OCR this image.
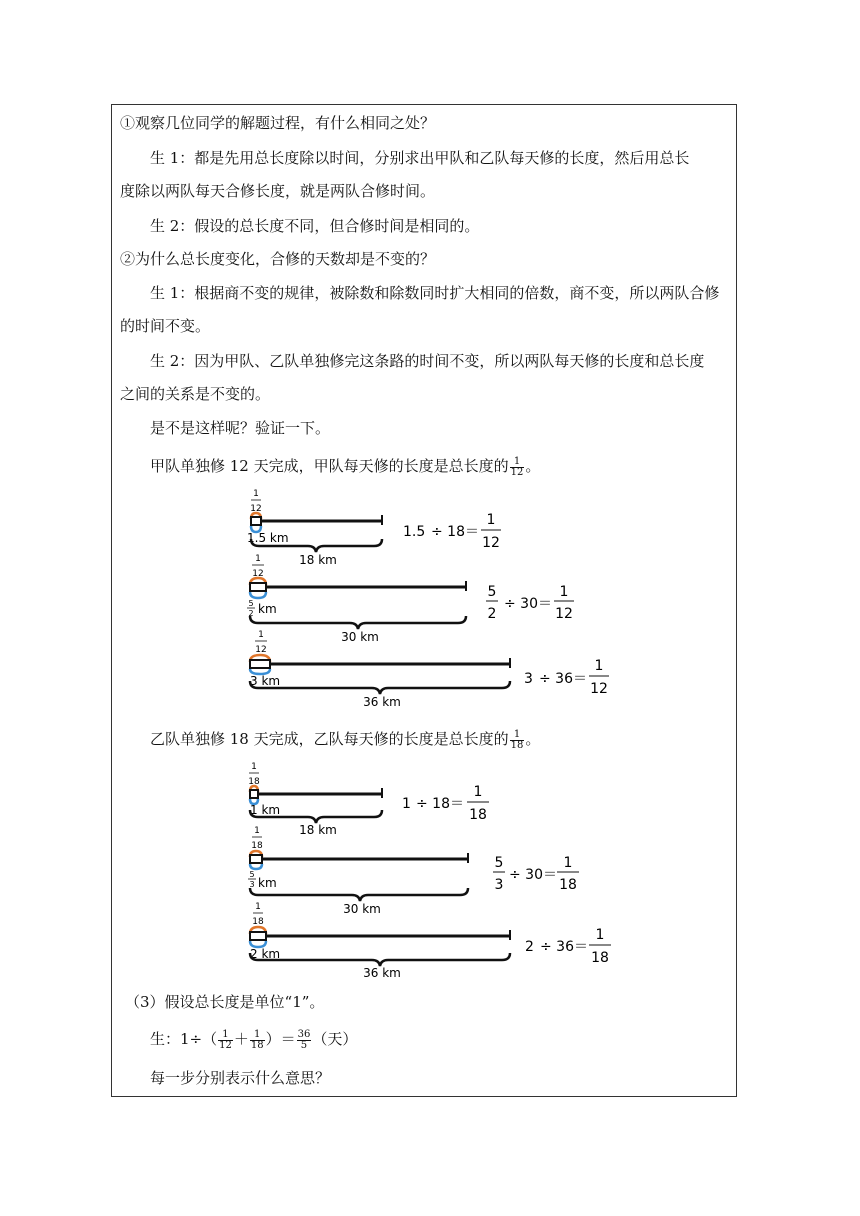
①观察几位同学的解题过程，有什么相同之处？
生 1：都是先用总长度除以时间，分别求出甲队和乙队每天修的长度，然后用总长
度除以两队每天合修长度，就是两队合修时间。
生 2：假设的总长度不同，但合修时间是相同的。
②为什么总长度变化，合修的天数却是不变的？
生 1：根据商不变的规律，被除数和除数同时扩大相同的倍数，商不变，所以两队合修
的时间不变。
生 2：因为甲队、乙队单独修完这条路的时间不变，所以两队每天修的长度和总长度
之间的关系是不变的。
是不是这样呢？验证一下。
甲队单独修 12 天完成，甲队每天修的长度是总长度的 $\frac{1}{12}$ 。
乙队单独修 18 天完成，乙队每天修的长度是总长度的 $\frac{1}{18}$ 。
（3）假设总长度是单位“1”。
生：$1\div( \frac{1}{12} + \frac{1}{18}$ ）＝ $\frac{36}{5}$ （天）
每一步分别表示什么意思？
1
12
1.5 km
18 km
1.5 ÷ 18＝
1
12
1
12
5
2 km
30 km
5
2
÷ 30＝
1
12
1
12
3 km
36 km
3 ÷ 36＝
1
12
1
18
1 km
18 km
1 ÷ 18＝
1
18
1
18
5
3 km
30 km
5
3
÷ 30＝
1
18
1
18
2 km
36 km
2 ÷ 36＝
1
18
